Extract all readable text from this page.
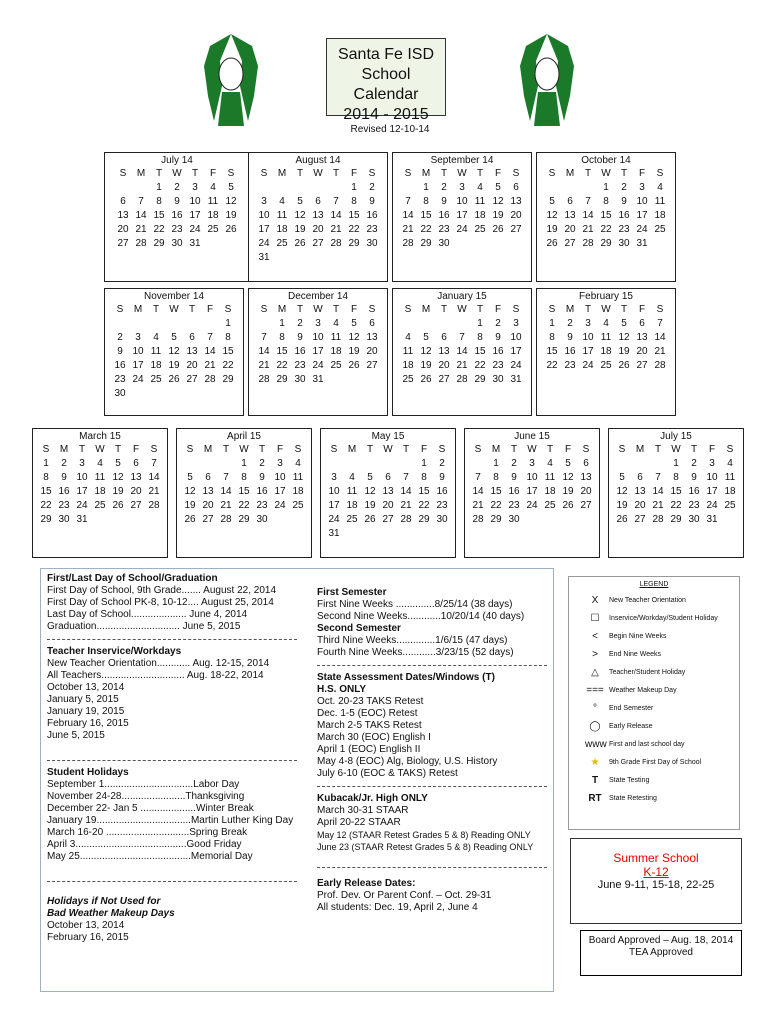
Santa Fe ISD
School Calendar
2014 - 2015
Revised 12-10-14
July 14
S	M	T	W	T	F	S
		1	2	3	4	5
6	7	8	9	10	11	12
13	14	15	16	17	18	19
20	21	22	23	24	25	26
27	28	29	30	31		
August 14
S	M	T	W	T	F	S
					1	2
3	4	5	6	7	8	9
10	11	12	13	14	15	16
17	18	19	20	21	22	23
24	25	26	27	28	29	30
31						
September 14
S	M	T	W	T	F	S
	1	2	3	4	5	6
7	8	9	10	11	12	13
14	15	16	17	18	19	20
21	22	23	24	25	26	27
28	29	30				
October 14
S	M	T	W	T	F	S
			1	2	3	4
5	6	7	8	9	10	11
12	13	14	15	16	17	18
19	20	21	22	23	24	25
26	27	28	29	30	31	
November 14
S	M	T	W	T	F	S
						1
2	3	4	5	6	7	8
9	10	11	12	13	14	15
16	17	18	19	20	21	22
23	24	25	26	27	28	29
30						
December 14
S	M	T	W	T	F	S
	1	2	3	4	5	6
7	8	9	10	11	12	13
14	15	16	17	18	19	20
21	22	23	24	25	26	27
28	29	30	31			
January 15
S	M	T	W	T	F	S
				1	2	3
4	5	6	7	8	9	10
11	12	13	14	15	16	17
18	19	20	21	22	23	24
25	26	27	28	29	30	31
February 15
S	M	T	W	T	F	S
1	2	3	4	5	6	7
8	9	10	11	12	13	14
15	16	17	18	19	20	21
22	23	24	25	26	27	28
March 15
S	M	T	W	T	F	S
1	2	3	4	5	6	7
8	9	10	11	12	13	14
15	16	17	18	19	20	21
22	23	24	25	26	27	28
29	30	31				
April 15
S	M	T	W	T	F	S
			1	2	3	4
5	6	7	8	9	10	11
12	13	14	15	16	17	18
19	20	21	22	23	24	25
26	27	28	29	30		
May 15
S	M	T	W	T	F	S
					1	2
3	4	5	6	7	8	9
10	11	12	13	14	15	16
17	18	19	20	21	22	23
24	25	26	27	28	29	30
31						
June 15
S	M	T	W	T	F	S
	1	2	3	4	5	6
7	8	9	10	11	12	13
14	15	16	17	18	19	20
21	22	23	24	25	26	27
28	29	30				
July 15
S	M	T	W	T	F	S
			1	2	3	4
5	6	7	8	9	10	11
12	13	14	15	16	17	18
19	20	21	22	23	24	25
26	27	28	29	30	31	
First/Last Day of School/Graduation
First Day of School, 9th Grade....... August 22, 2014
First Day of School PK-8, 10-12.... August 25, 2014
Last Day of School.................... June 4, 2014
Graduation.............................. June 5, 2015
Teacher Inservice/Workdays
New Teacher Orientation............ Aug. 12-15, 2014
All Teachers.............................. Aug. 18-22, 2014
October 13, 2014
January 5, 2015
January 19, 2015
February 16, 2015
June 5, 2015
Student Holidays
September 1................................Labor Day
November 24-28.......................Thanksgiving
December 22- Jan 5 ....................Winter Break
January 19..................................Martin Luther King Day
March 16-20 ..............................Spring Break
April 3........................................Good Friday
May 25........................................Memorial Day
Holidays if Not Used for
Bad Weather Makeup Days
October 13, 2014
February 16, 2015
First Semester
First Nine Weeks ..............8/25/14 (38 days)
Second Nine Weeks............10/20/14 (40 days)
Second Semester
Third Nine Weeks..............1/6/15 (47 days)
Fourth Nine Weeks............3/23/15 (52 days)
State Assessment Dates/Windows (T)
H.S. ONLY
Oct. 20-23 TAKS Retest
Dec. 1-5 (EOC) Retest
March 2-5 TAKS Retest
March 30 (EOC) English I
April 1 (EOC) English II
May 4-8 (EOC) Alg, Biology, U.S. History
July 6-10 (EOC & TAKS) Retest
Kubacak/Jr. High ONLY
March 30-31 STAAR
April 20-22 STAAR
May 12 (STAAR Retest Grades 5 & 8) Reading ONLY
June 23 (STAAR Retest Grades 5 & 8) Reading ONLY
Early Release Dates:
Prof. Dev. Or Parent Conf. – Oct. 29-31
All students: Dec. 19, April 2, June 4
LEGEND
X	New Teacher Orientation
☐	Inservice/Workday/Student Holiday
<	Begin Nine Weeks
>	End Nine Weeks
△	Teacher/Student Holiday
=== Weather Makeup Day
°	End Semester
◯	Early Release
www First and last school day
★	9th Grade First Day of School
T	State Testing
RT	State Retesting
Summer School
K-12
June 9-11, 15-18, 22-25
Board Approved – Aug. 18, 2014
TEA Approved
